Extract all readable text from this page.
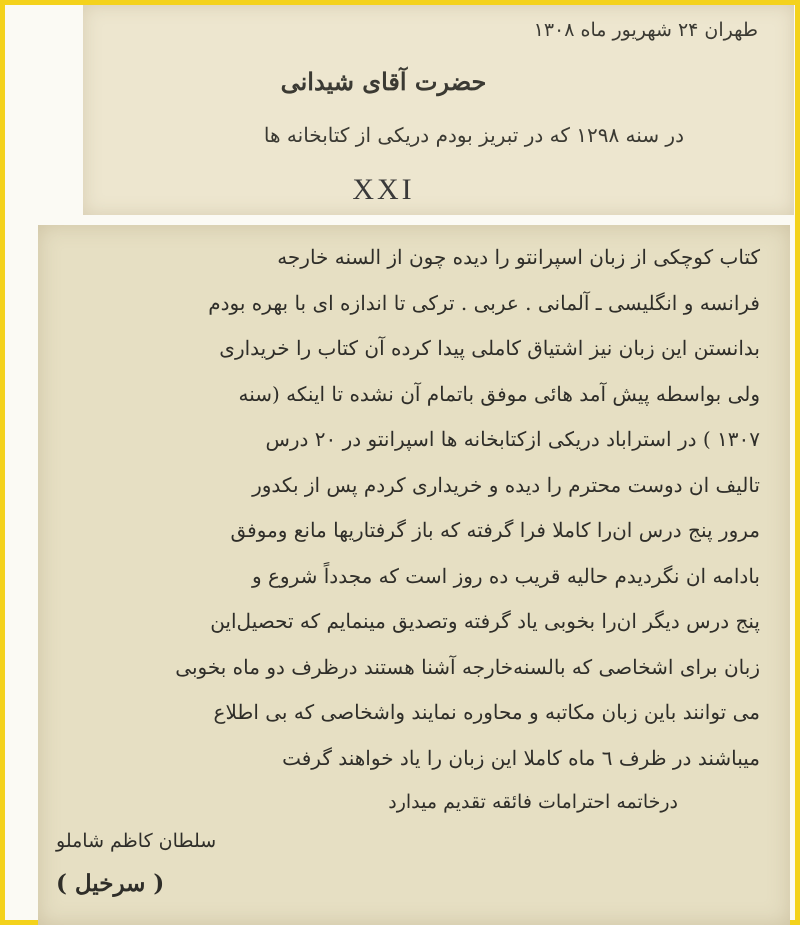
طهران ۲۴ شهریور ماه ۱۳۰۸
حضرت آقای شیدانی
در سنه ۱۲۹۸ که در تبریز بودم دریکی از کتابخانه ها
XXI
کتاب کوچکی از زبان اسپرانتو را دیده چون از السنه خارجه
فرانسه و انگلیسی ـ آلمانی . عربی . ترکی تا اندازه ای با بهره بودم
بدانستن این زبان نیز اشتیاق کاملی پیدا کرده آن کتاب را خریداری
ولی بواسطه پیش آمد هائی موفق باتمام آن نشده تا اینکه (سنه
۱۳۰۷ ) در استراباد دریکی ازکتابخانه ها اسپرانتو در ۲۰ درس
تالیف ان دوست محترم را دیده و خریداری کردم پس از بکدور
مرور پنج درس ان‌را کاملا فرا گرفته که باز گرفتاریها مانع وموفق
بادامه ان نگردیدم حالیه قریب ده روز است که مجدداً شروع و
پنج درس دیگر ان‌را بخوبی یاد گرفته وتصدیق مینمایم که تحصیل‌این
زبان برای اشخاصی که بالسنه‌خارجه آشنا هستند درظرف دو ماه بخوبی
می توانند باین زبان مکاتبه و محاوره نمایند واشخاصی که بی اطلاع
میباشند در ظرف ٦ ماه کاملا این زبان را یاد خواهند گرفت
درخاتمه احترامات فائقه تقدیم میدارد
سلطان کاظم شاملو
( سرخیل )
